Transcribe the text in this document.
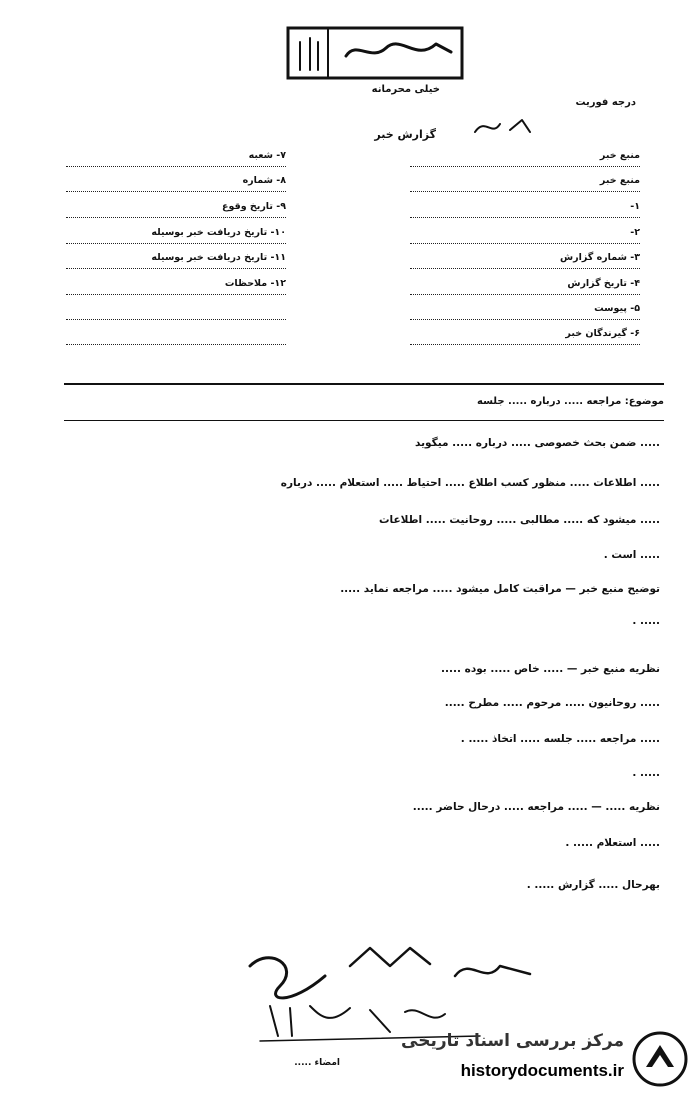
خیلی محرمانه
درجه فوریت
گزارش خبر
۷- شعبه
۸- شماره
۹- تاریخ وقوع
۱۰- تاریخ دریافت خبر بوسیله
۱۱- تاریخ دریافت خبر بوسیله
۱۲- ملاحظات
منبع خبر
منبع خبر
۱-
۲-
۳- شماره گزارش
۴- تاریخ گزارش
۵- پیوست
۶- گیرندگان خبر
موضوع: مراجعه ..... درباره ..... جلسه
..... ضمن بحث خصوصی ..... درباره ..... میگوید
..... اطلاعات ..... منظور کسب اطلاع ..... احتیاط ..... استعلام ..... درباره
..... میشود که ..... مطالبی ..... روحانیت ..... اطلاعات
..... است .
توضیح منبع خبر — مراقبت کامل میشود ..... مراجعه نماید .....
..... .
نظریه منبع خبر — ..... خاص ..... بوده .....
..... روحانیون ..... مرحوم ..... مطرح .....
..... مراجعه ..... جلسه ..... اتخاذ ..... .
..... .
نظریه ..... — ..... مراجعه ..... درحال حاضر .....
..... استعلام ..... .
بهرحال ..... گزارش ..... .
امضاء .....
مرکز بررسی اسناد تاریخی
historydocuments.ir
